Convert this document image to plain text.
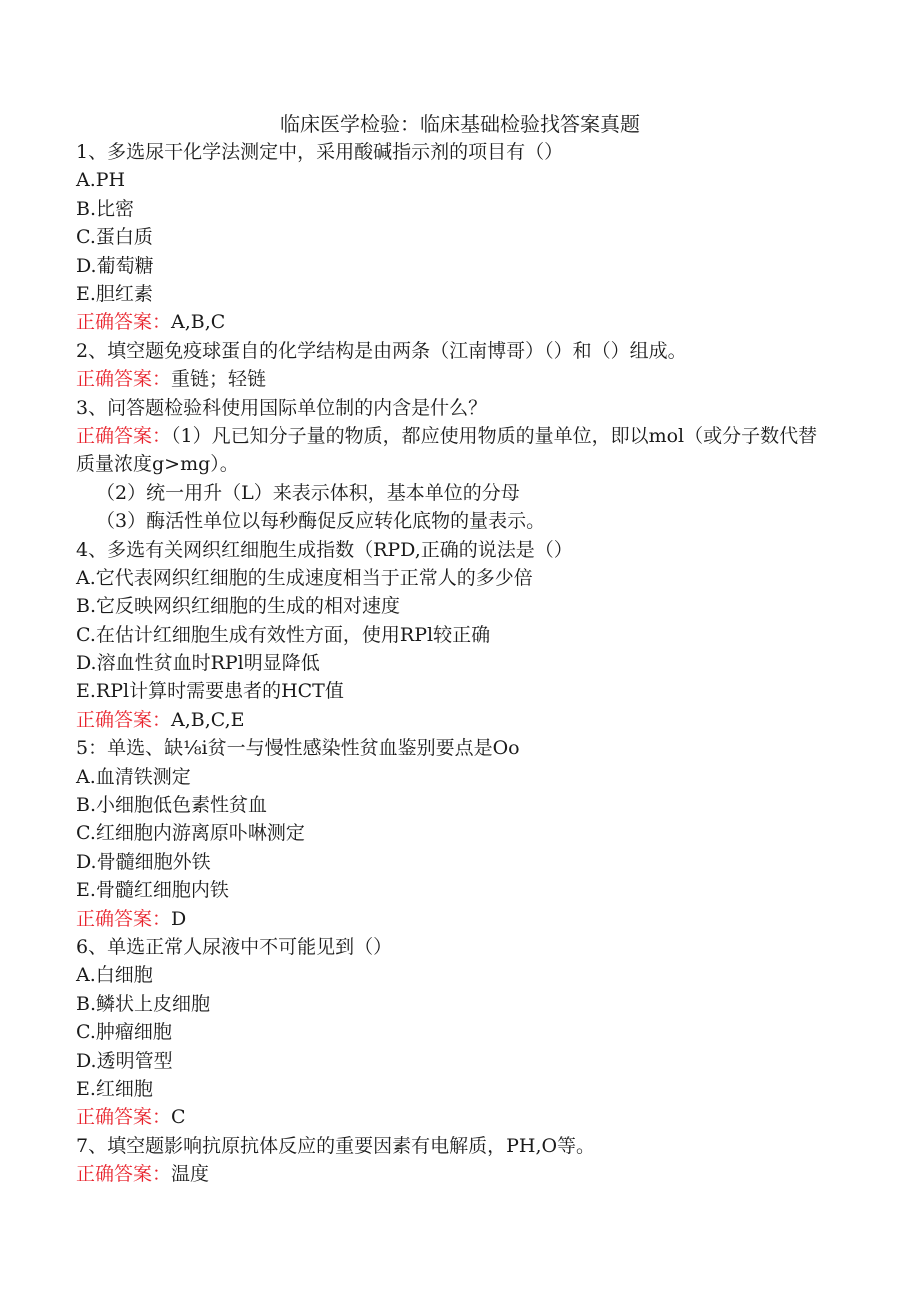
临床医学检验：临床基础检验找答案真题
1、多选尿干化学法测定中，采用酸碱指示剂的项目有（）
A.PH
B.比密
C.蛋白质
D.葡萄糖
E.胆红素
正确答案：A,B,C
2、填空题免疫球蛋自的化学结构是由两条（江南博哥）（）和（）组成。
正确答案：重链；轻链
3、问答题检验科使用国际单位制的内含是什么？
正确答案：（1）凡已知分子量的物质，都应使用物质的量单位，即以mol（或分子数代替质量浓度g>mg）。
（2）统一用升（L）来表示体积，基本单位的分母
（3）酶活性单位以每秒酶促反应转化底物的量表示。
4、多选有关网织红细胞生成指数（RPD,正确的说法是（）
A.它代表网织红细胞的生成速度相当于正常人的多少倍
B.它反映网织红细胞的生成的相对速度
C.在估计红细胞生成有效性方面，使用RPl较正确
D.溶血性贫血时RPl明显降低
E.RPl计算时需要患者的HCT值
正确答案：A,B,C,E
5：单选、缺⅛i贫一与慢性感染性贫血鉴别要点是Oo
A.血清铁测定
B.小细胞低色素性贫血
C.红细胞内游离原卟啉测定
D.骨髓细胞外铁
E.骨髓红细胞内铁
正确答案：D
6、单选正常人尿液中不可能见到（）
A.白细胞
B.鳞状上皮细胞
C.肿瘤细胞
D.透明管型
E.红细胞
正确答案：C
7、填空题影响抗原抗体反应的重要因素有电解质，PH,O等。
正确答案：温度
